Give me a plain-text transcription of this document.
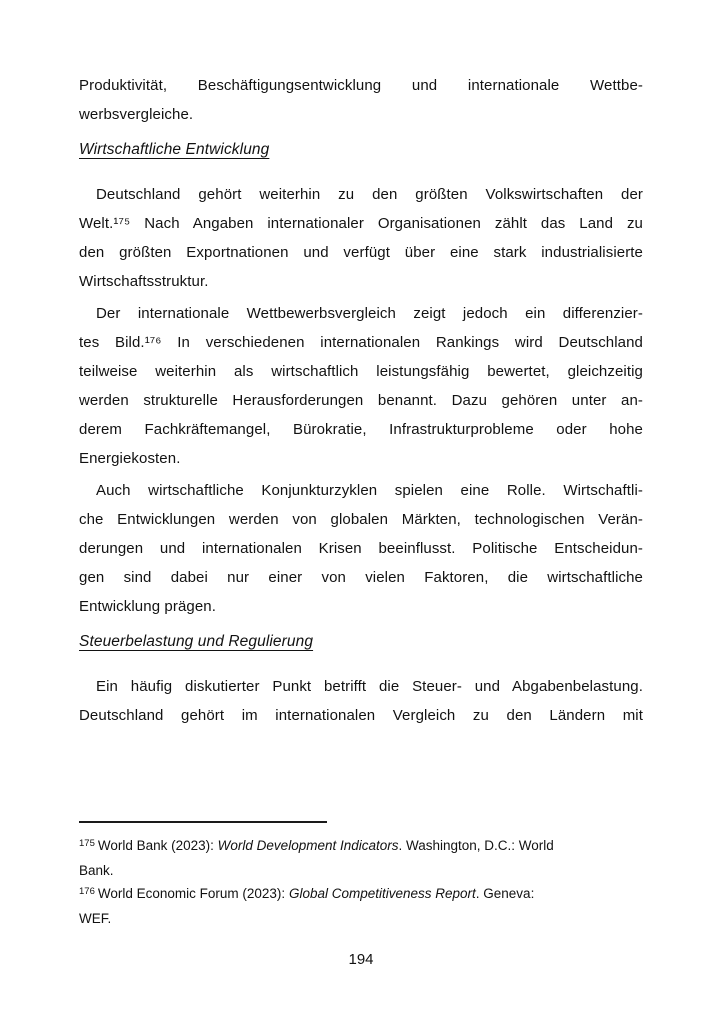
Produktivität, Beschäftigungsentwicklung und internationale Wettbe-
werbsvergleiche.
Wirtschaftliche Entwicklung
Deutschland gehört weiterhin zu den größten Volkswirtschaften der
Welt.¹⁷⁵ Nach Angaben internationaler Organisationen zählt das Land zu
den größten Exportnationen und verfügt über eine stark industrialisierte
Wirtschaftsstruktur.
Der internationale Wettbewerbsvergleich zeigt jedoch ein differenzier-
tes Bild.¹⁷⁶ In verschiedenen internationalen Rankings wird Deutschland
teilweise weiterhin als wirtschaftlich leistungsfähig bewertet, gleichzeitig
werden strukturelle Herausforderungen benannt. Dazu gehören unter an-
derem Fachkräftemangel, Bürokratie, Infrastrukturprobleme oder hohe
Energiekosten.
Auch wirtschaftliche Konjunkturzyklen spielen eine Rolle. Wirtschaftli-
che Entwicklungen werden von globalen Märkten, technologischen Verän-
derungen und internationalen Krisen beeinflusst. Politische Entscheidun-
gen sind dabei nur einer von vielen Faktoren, die wirtschaftliche
Entwicklung prägen.
Steuerbelastung und Regulierung
Ein häufig diskutierter Punkt betrifft die Steuer- und Abgabenbelastung.
Deutschland gehört im internationalen Vergleich zu den Ländern mit
$^{175}$ World Bank (2023): World Development Indicators. Washington, D.C.: World
Bank.
$^{176}$ World Economic Forum (2023): Global Competitiveness Report. Geneva:
WEF.
194
